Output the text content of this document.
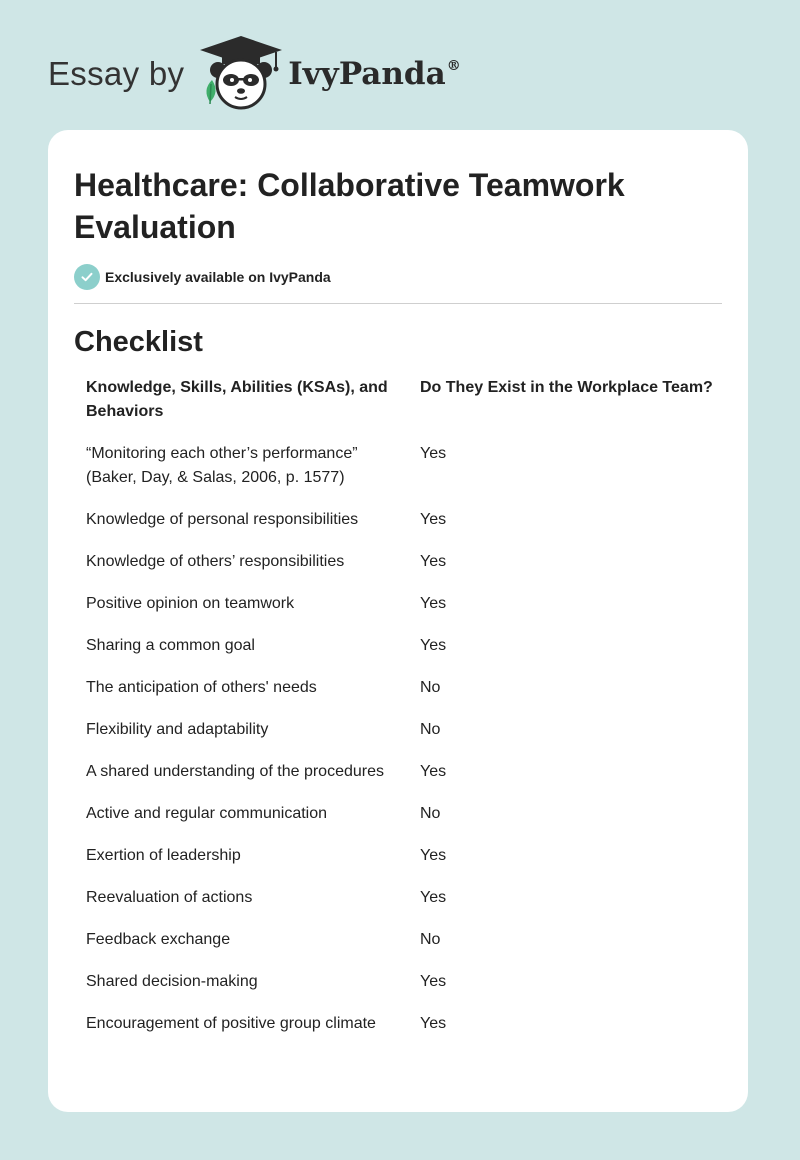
Essay by	IvyPanda®
Healthcare: Collaborative Teamwork Evaluation
Exclusively available on IvyPanda
Checklist
Knowledge, Skills, Abilities (KSAs), and Behaviors	Do They Exist in the Workplace Team?
“Monitoring each other’s performance” (Baker, Day, & Salas, 2006, p. 1577)	Yes
Knowledge of personal responsibilities	Yes
Knowledge of others’ responsibilities	Yes
Positive opinion on teamwork	Yes
Sharing a common goal	Yes
The anticipation of others' needs	No
Flexibility and adaptability	No
A shared understanding of the procedures	Yes
Active and regular communication	No
Exertion of leadership	Yes
Reevaluation of actions	Yes
Feedback exchange	No
Shared decision-making	Yes
Encouragement of positive group climate	Yes
